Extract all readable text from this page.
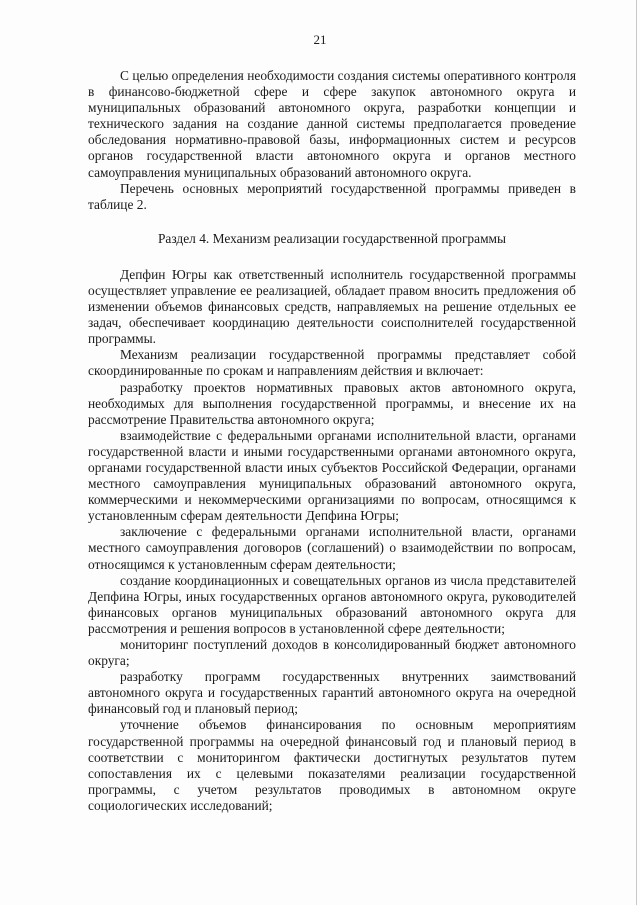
21

С целью определения необходимости создания системы оперативного контроля в финансово-бюджетной сфере и сфере закупок автономного округа и муниципальных образований автономного округа, разработки концепции и технического задания на создание данной системы предполагается проведение обследования нормативно-правовой базы, информационных систем и ресурсов органов государственной власти автономного округа и органов местного самоуправления муниципальных образований автономного округа.

Перечень основных мероприятий государственной программы приведен в таблице 2.

Раздел 4. Механизм реализации государственной программы

Депфин Югры как ответственный исполнитель государственной программы осуществляет управление ее реализацией, обладает правом вносить предложения об изменении объемов финансовых средств, направляемых на решение отдельных ее задач, обеспечивает координацию деятельности соисполнителей государственной программы.

Механизм реализации государственной программы представляет собой скоординированные по срокам и направлениям действия и включает:

разработку проектов нормативных правовых актов автономного округа, необходимых для выполнения государственной программы, и внесение их на рассмотрение Правительства автономного округа;

взаимодействие с федеральными органами исполнительной власти, органами государственной власти и иными государственными органами автономного округа, органами государственной власти иных субъектов Российской Федерации, органами местного самоуправления муниципальных образований автономного округа, коммерческими и некоммерческими организациями по вопросам, относящимся к установленным сферам деятельности Депфина Югры;

заключение с федеральными органами исполнительной власти, органами местного самоуправления договоров (соглашений) о взаимодействии по вопросам, относящимся к установленным сферам деятельности;

создание координационных и совещательных органов из числа представителей Депфина Югры, иных государственных органов автономного округа, руководителей финансовых органов муниципальных образований автономного округа для рассмотрения и решения вопросов в установленной сфере деятельности;

мониторинг поступлений доходов в консолидированный бюджет автономного округа;

разработку программ государственных внутренних заимствований автономного округа и государственных гарантий автономного округа на очередной финансовый год и плановый период;

уточнение объемов финансирования по основным мероприятиям государственной программы на очередной финансовый год и плановый период в соответствии с мониторингом фактически достигнутых результатов путем сопоставления их с целевыми показателями реализации государственной программы, с учетом результатов проводимых в автономном округе социологических исследований;
